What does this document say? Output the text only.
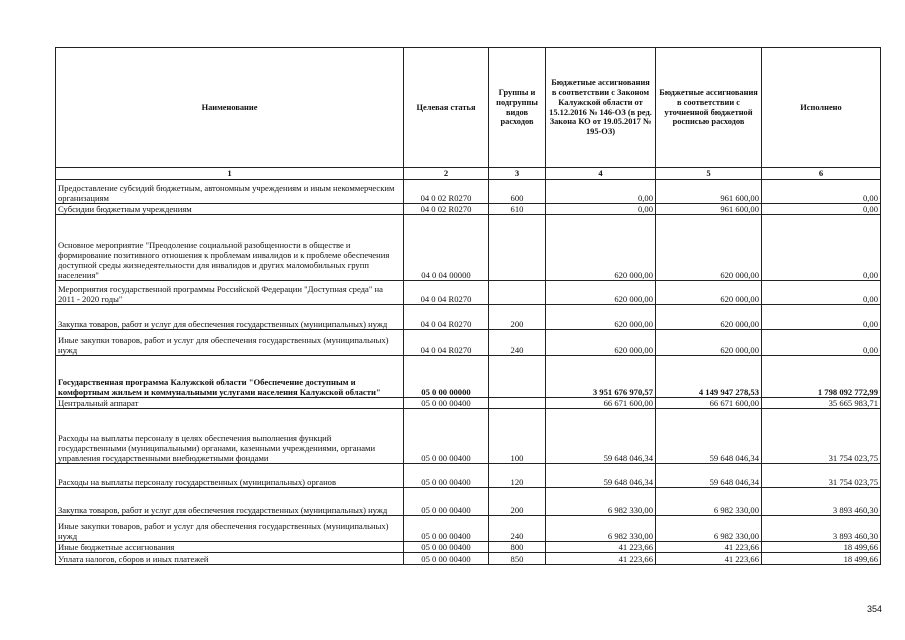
Наименование	Целевая статья	Группы и подгруппы видов расходов	Бюджетные ассигнования в соответствии с Законом Калужской области от 15.12.2016 № 146-ОЗ (в ред. Закона КО от 19.05.2017 № 195-ОЗ)	Бюджетные ассигнования в соответствии с уточненной бюджетной росписью расходов	Исполнено
1	2	3	4	5	6
Предоставление субсидий бюджетным, автономным учреждениям и иным некоммерческим организациям	04 0 02 R0270	600	0,00	961 600,00	0,00
Субсидии бюджетным учреждениям	04 0 02 R0270	610	0,00	961 600,00	0,00
Основное мероприятие "Преодоление социальной разобщенности в обществе и формирование позитивного отношения к проблемам инвалидов и к проблеме обеспечения доступной среды жизнедеятельности для инвалидов и других маломобильных групп населения"	04 0 04 00000		620 000,00	620 000,00	0,00
Мероприятия государственной программы Российской Федерации "Доступная среда" на 2011 - 2020 годы"	04 0 04 R0270		620 000,00	620 000,00	0,00
Закупка товаров, работ и услуг для обеспечения государственных (муниципальных) нужд	04 0 04 R0270	200	620 000,00	620 000,00	0,00
Иные закупки товаров, работ и услуг для обеспечения государственных (муниципальных) нужд	04 0 04 R0270	240	620 000,00	620 000,00	0,00
Государственная программа Калужской области "Обеспечение доступным и комфортным жильем и коммунальными услугами населения Калужской области"	05 0 00 00000		3 951 676 970,57	4 149 947 278,53	1 798 092 772,99
Центральный аппарат	05 0 00 00400		66 671 600,00	66 671 600,00	35 665 983,71
Расходы на выплаты персоналу в целях обеспечения выполнения функций государственными (муниципальными) органами, казенными учреждениями, органами управления государственными внебюджетными фондами	05 0 00 00400	100	59 648 046,34	59 648 046,34	31 754 023,75
Расходы на выплаты персоналу государственных (муниципальных) органов	05 0 00 00400	120	59 648 046,34	59 648 046,34	31 754 023,75
Закупка товаров, работ и услуг для обеспечения государственных (муниципальных) нужд	05 0 00 00400	200	6 982 330,00	6 982 330,00	3 893 460,30
Иные закупки товаров, работ и услуг для обеспечения государственных (муниципальных) нужд	05 0 00 00400	240	6 982 330,00	6 982 330,00	3 893 460,30
Иные бюджетные ассигнования	05 0 00 00400	800	41 223,66	41 223,66	18 499,66
Уплата налогов, сборов и иных платежей	05 0 00 00400	850	41 223,66	41 223,66	18 499,66
354
